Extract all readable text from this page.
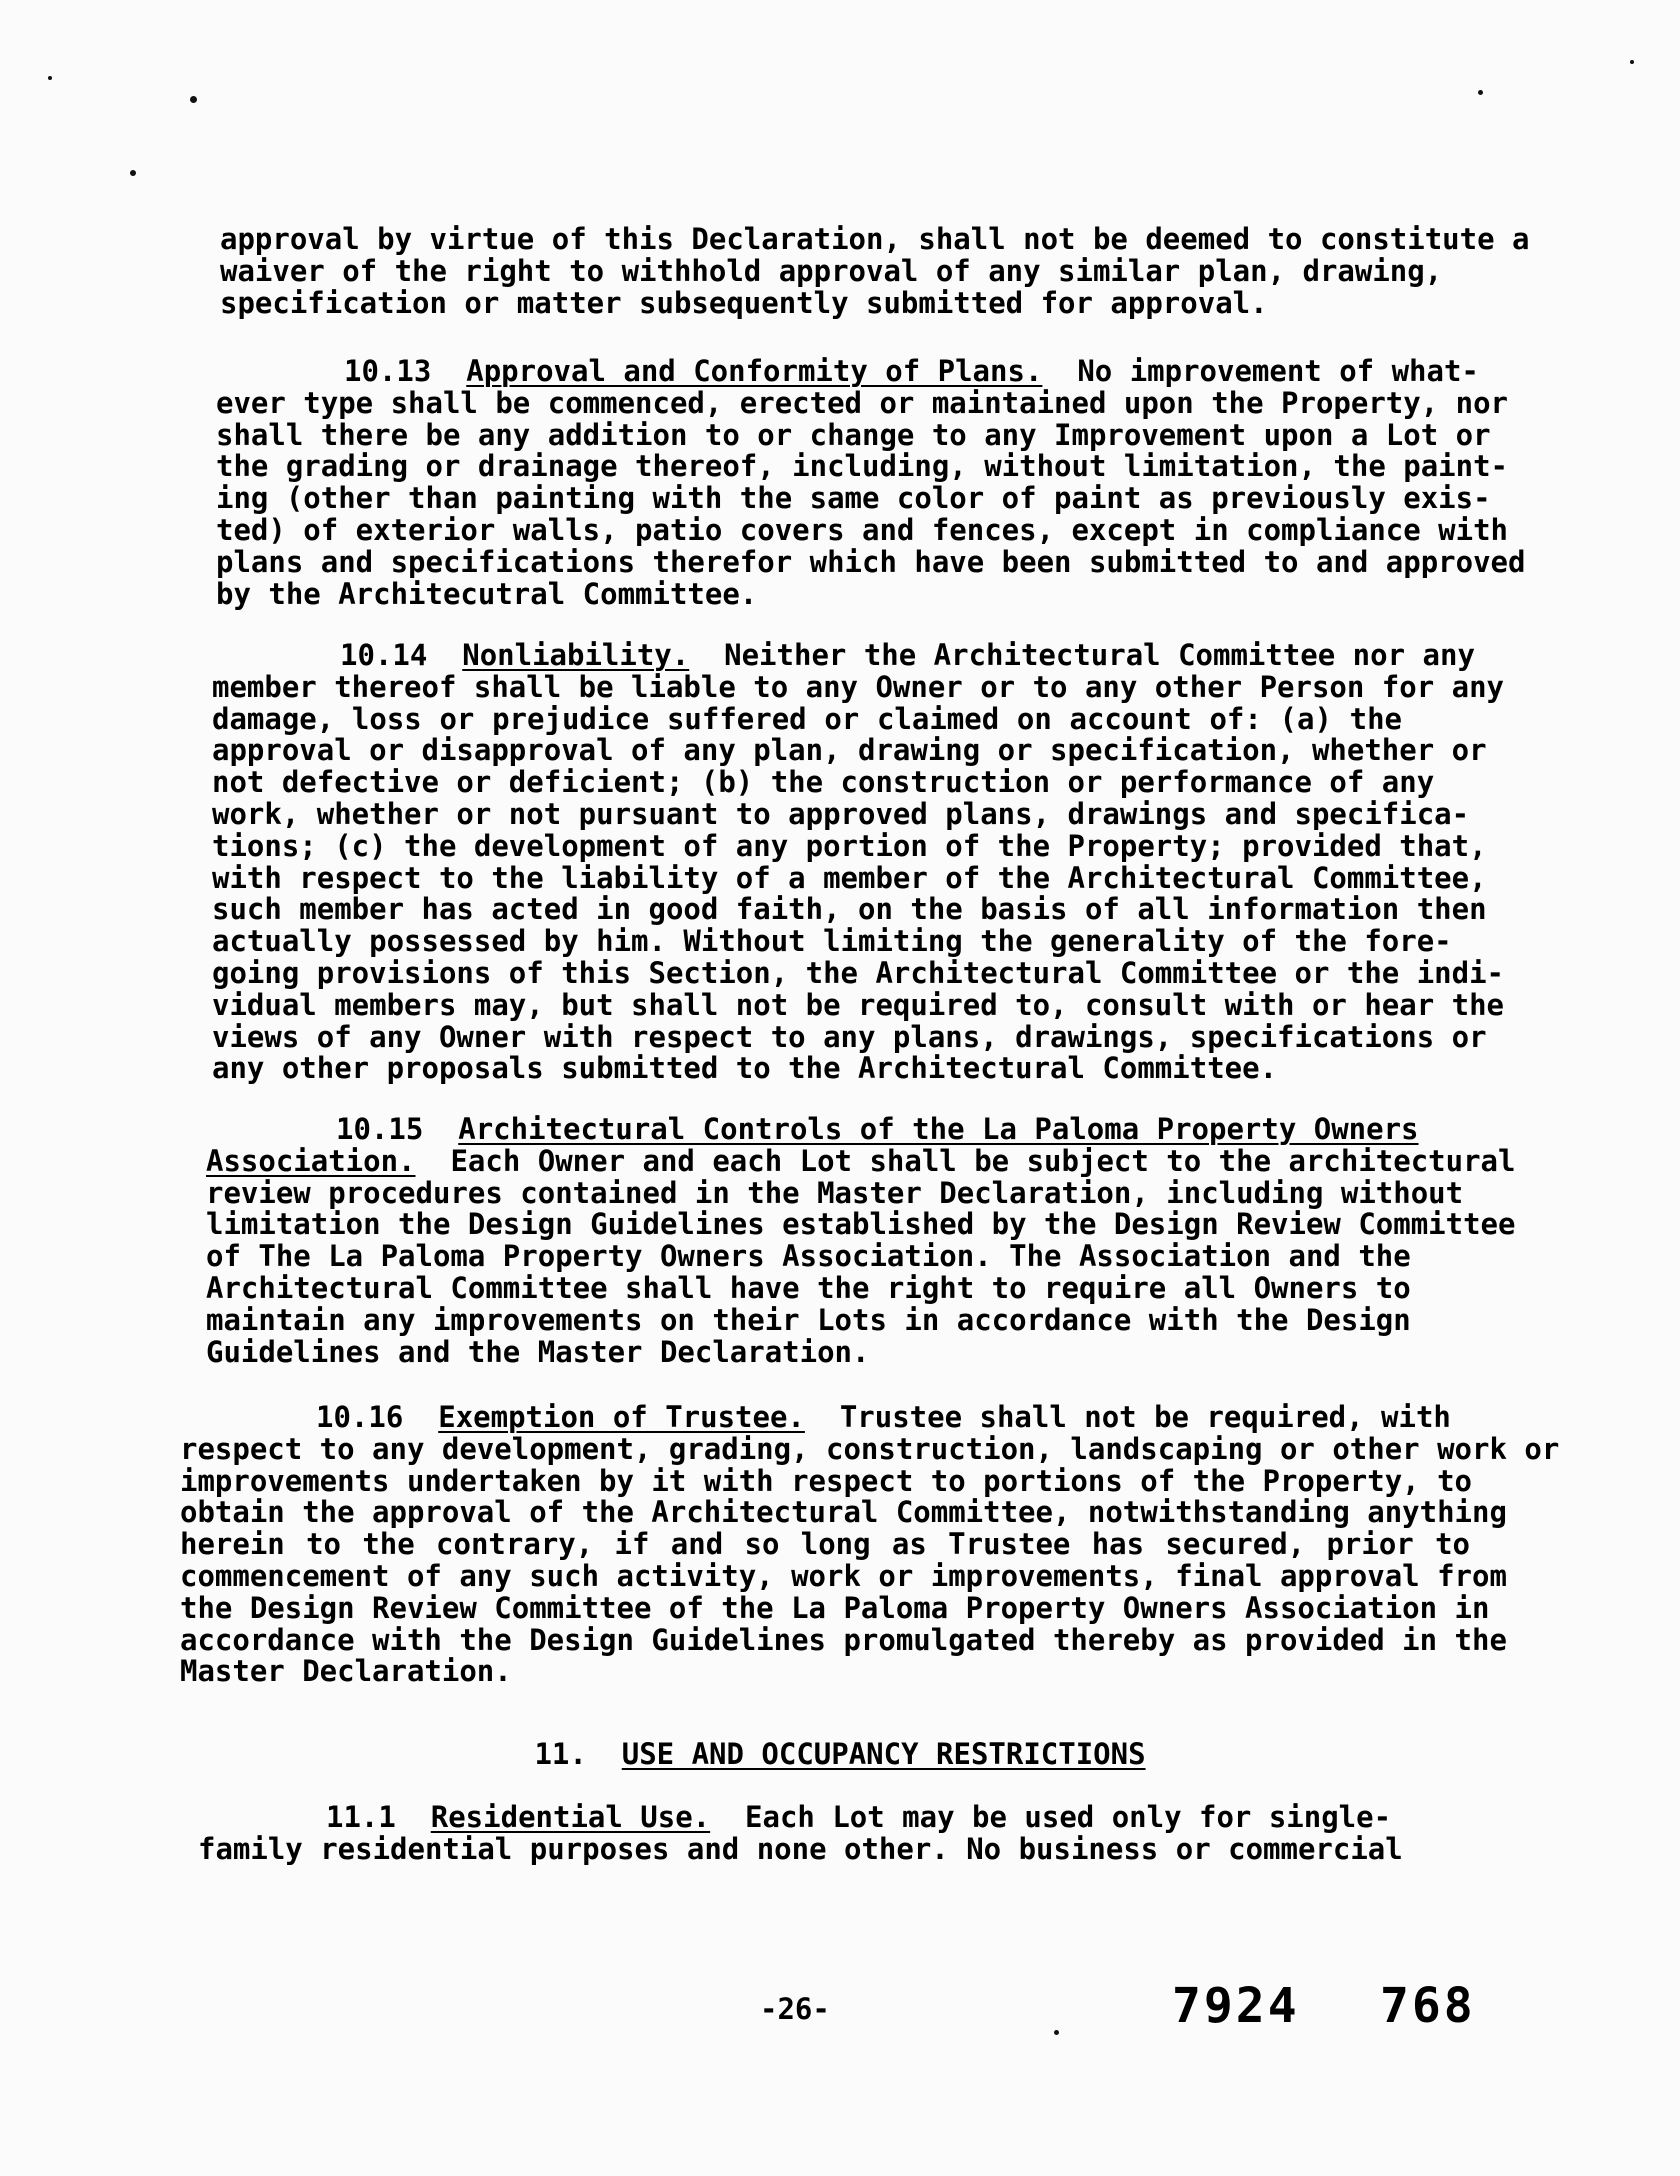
approval by virtue of this Declaration, shall not be deemed to constitute a
waiver of the right to withhold approval of any similar plan, drawing,
specification or matter subsequently submitted for approval.
10.13 Approval and Conformity of Plans. No improvement of what-
ever type shall be commenced, erected or maintained upon the Property, nor
shall there be any addition to or change to any Improvement upon a Lot or
the grading or drainage thereof, including, without limitation, the paint-
ing (other than painting with the same color of paint as previously exis-
ted) of exterior walls, patio covers and fences, except in compliance with
plans and specifications therefor which have been submitted to and approved
by the Architecutral Committee.
10.14 Nonliability. Neither the Architectural Committee nor any
member thereof shall be liable to any Owner or to any other Person for any
damage, loss or prejudice suffered or claimed on account of: (a) the
approval or disapproval of any plan, drawing or specification, whether or
not defective or deficient; (b) the construction or performance of any
work, whether or not pursuant to approved plans, drawings and specifica-
tions; (c) the development of any portion of the Property; provided that,
with respect to the liability of a member of the Architectural Committee,
such member has acted in good faith, on the basis of all information then
actually possessed by him. Without limiting the generality of the fore-
going provisions of this Section, the Architectural Committee or the indi-
vidual members may, but shall not be required to, consult with or hear the
views of any Owner with respect to any plans, drawings, specifications or
any other proposals submitted to the Architectural Committee.
10.15 Architectural Controls of the La Paloma Property Owners
Association. Each Owner and each Lot shall be subject to the architectural
review procedures contained in the Master Declaration, including without
limitation the Design Guidelines established by the Design Review Committee
of The La Paloma Property Owners Association. The Association and the
Architectural Committee shall have the right to require all Owners to
maintain any improvements on their Lots in accordance with the Design
Guidelines and the Master Declaration.
10.16 Exemption of Trustee. Trustee shall not be required, with
respect to any development, grading, construction, landscaping or other work or
improvements undertaken by it with respect to portions of the Property, to
obtain the approval of the Architectural Committee, notwithstanding anything
herein to the contrary, if and so long as Trustee has secured, prior to
commencement of any such activity, work or improvements, final approval from
the Design Review Committee of the La Paloma Property Owners Association in
accordance with the Design Guidelines promulgated thereby as provided in the
Master Declaration.
11. USE AND OCCUPANCY RESTRICTIONS
11.1 Residential Use. Each Lot may be used only for single-
family residential purposes and none other. No business or commercial
-26-	7924 768
